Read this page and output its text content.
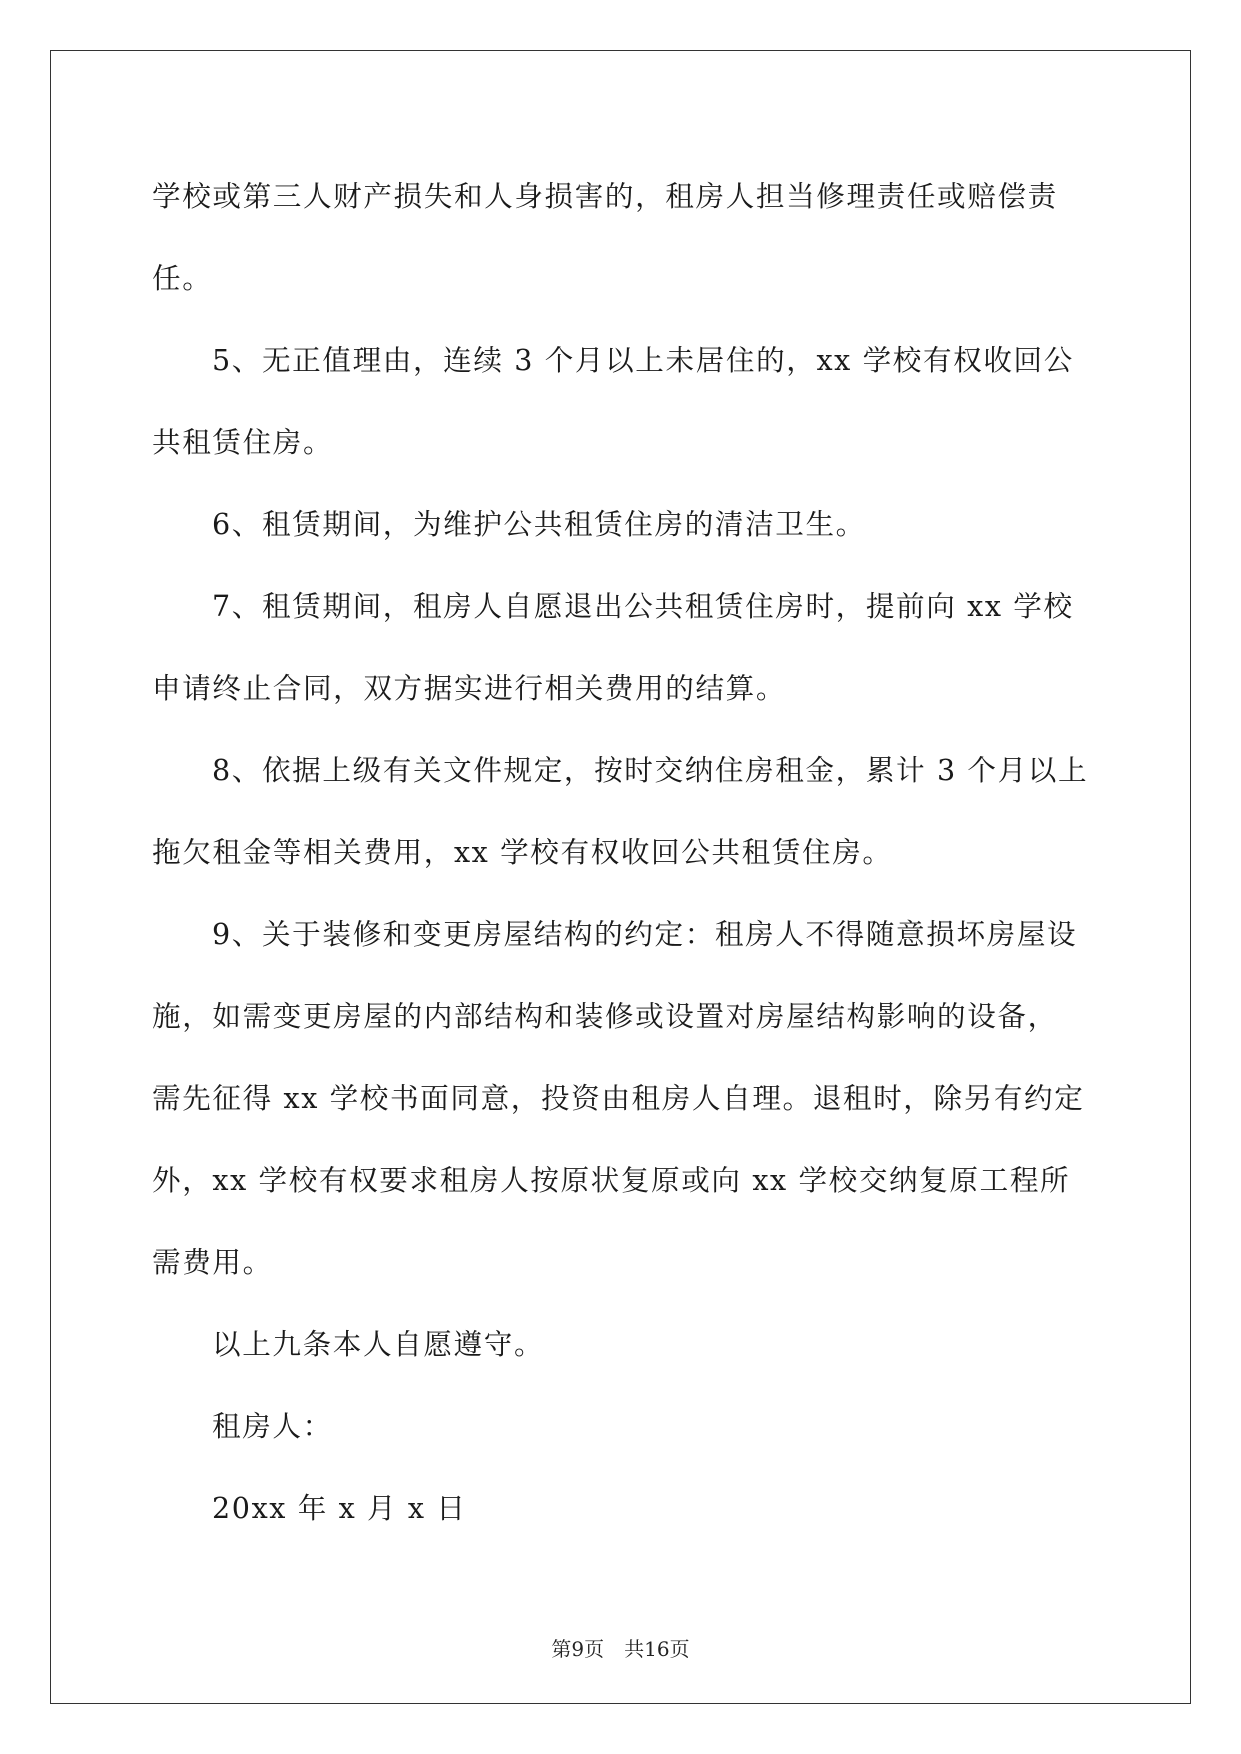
学校或第三人财产损失和人身损害的，租房人担当修理责任或赔偿责
任。
5、无正值理由，连续 3 个月以上未居住的，xx 学校有权收回公
共租赁住房。
6、租赁期间，为维护公共租赁住房的清洁卫生。
7、租赁期间，租房人自愿退出公共租赁住房时，提前向 xx 学校
申请终止合同，双方据实进行相关费用的结算。
8、依据上级有关文件规定，按时交纳住房租金，累计 3 个月以上
拖欠租金等相关费用，xx 学校有权收回公共租赁住房。
9、关于装修和变更房屋结构的约定：租房人不得随意损坏房屋设
施，如需变更房屋的内部结构和装修或设置对房屋结构影响的设备，
需先征得 xx 学校书面同意，投资由租房人自理。退租时，除另有约定
外，xx 学校有权要求租房人按原状复原或向 xx 学校交纳复原工程所
需费用。
以上九条本人自愿遵守。
租房人：
20xx 年 x 月 x 日
第9页 共16页
